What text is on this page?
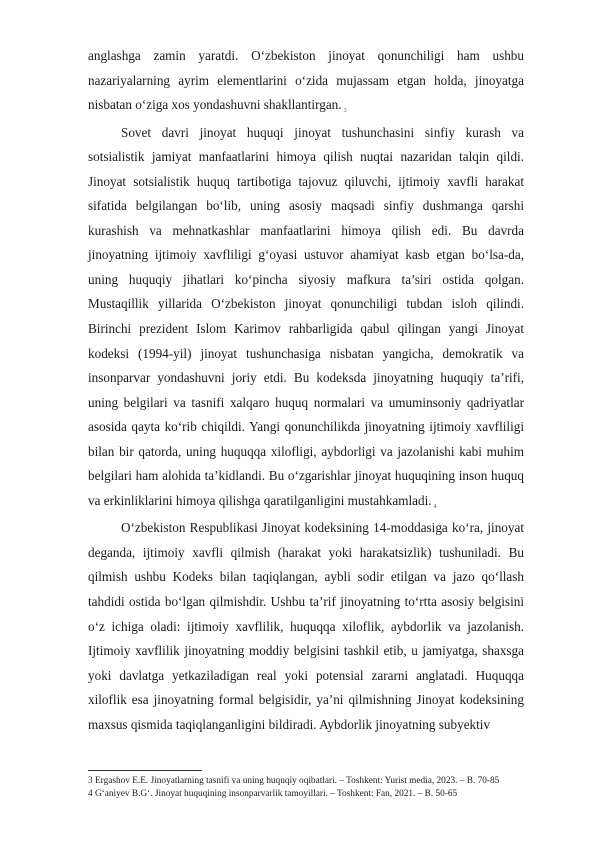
anglashga zamin yaratdi. O‘zbekiston jinoyat qonunchiligi ham ushbu nazariyalarning ayrim elementlarini o‘zida mujassam etgan holda, jinoyatga nisbatan o‘ziga xos yondashuvni shakllantirgan. $_3$

Sovet davri jinoyat huquqi jinoyat tushunchasini sinfiy kurash va sotsialistik jamiyat manfaatlarini himoya qilish nuqtai nazaridan talqin qildi. Jinoyat sotsialistik huquq tartibotiga tajovuz qiluvchi, ijtimoiy xavfli harakat sifatida belgilangan bo‘lib, uning asosiy maqsadi sinfiy dushmanga qarshi kurashish va mehnatkashlar manfaatlarini himoya qilish edi. Bu davrda jinoyatning ijtimoiy xavfliligi g‘oyasi ustuvor ahamiyat kasb etgan bo‘lsa-da, uning huquqiy jihatlari ko‘pincha siyosiy mafkura ta’siri ostida qolgan. Mustaqillik yillarida O‘zbekiston jinoyat qonunchiligi tubdan isloh qilindi. Birinchi prezident Islom Karimov rahbarligida qabul qilingan yangi Jinoyat kodeksi (1994-yil) jinoyat tushunchasiga nisbatan yangicha, demokratik va insonparvar yondashuvni joriy etdi. Bu kodeksda jinoyatning huquqiy ta’rifi, uning belgilari va tasnifi xalqaro huquq normalari va umuminsoniy qadriyatlar asosida qayta ko‘rib chiqildi. Yangi qonunchilikda jinoyatning ijtimoiy xavfliligi bilan bir qatorda, uning huquqqa xilofligi, aybdorligi va jazolanishi kabi muhim belgilari ham alohida ta’kidlandi. Bu o‘zgarishlar jinoyat huquqining inson huquq va erkinliklarini himoya qilishga qaratilganligini mustahkamladi. $_4$

O‘zbekiston Respublikasi Jinoyat kodeksining 14-moddasiga ko‘ra, jinoyat deganda, ijtimoiy xavfli qilmish (harakat yoki harakatsizlik) tushuniladi. Bu qilmish ushbu Kodeks bilan taqiqlangan, aybli sodir etilgan va jazo qo‘llash tahdidi ostida bo‘lgan qilmishdir. Ushbu ta’rif jinoyatning to‘rtta asosiy belgisini o‘z ichiga oladi: ijtimoiy xavflilik, huquqqa xiloflik, aybdorlik va jazolanish. Ijtimoiy xavflilik jinoyatning moddiy belgisini tashkil etib, u jamiyatga, shaxsga yoki davlatga yetkaziladigan real yoki potensial zararni anglatadi. Huquqqa xiloflik esa jinoyatning formal belgisidir, ya’ni qilmishning Jinoyat kodeksining maxsus qismida taqiqlanganligini bildiradi. Aybdorlik jinoyatning subyektiv

3 Ergashov E.E. Jinoyatlarning tasnifi va uning huquqiy oqibatlari. – Toshkent: Yurist media, 2023. – B. 70-85
4 G‘aniyev B.G‘. Jinoyat huquqining insonparvarlik tamoyillari. – Toshkent: Fan, 2021. – B. 50-65
